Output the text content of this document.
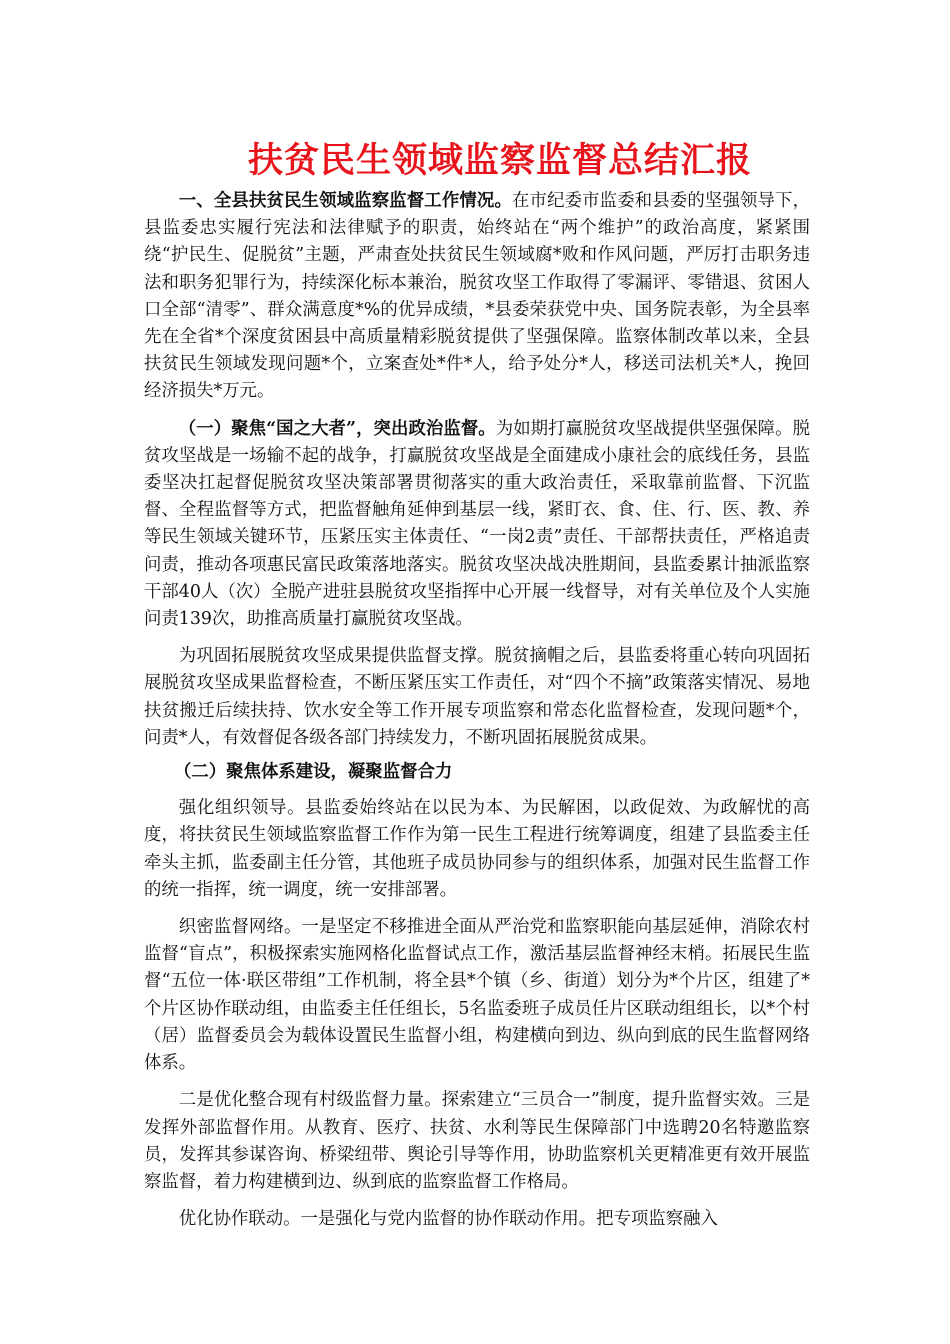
扶贫民生领域监察监督总结汇报

一、全县扶贫民生领域监察监督工作情况。在市纪委市监委和县委的坚强领导下，县监委忠实履行宪法和法律赋予的职责，始终站在“两个维护”的政治高度，紧紧围绕“护民生、促脱贫”主题，严肃查处扶贫民生领域腐*败和作风问题，严厉打击职务违法和职务犯罪行为，持续深化标本兼治，脱贫攻坚工作取得了零漏评、零错退、贫困人口全部“清零”、群众满意度*%的优异成绩，*县委荣获党中央、国务院表彰，为全县率先在全省*个深度贫困县中高质量精彩脱贫提供了坚强保障。监察体制改革以来，全县扶贫民生领域发现问题*个，立案查处*件*人，给予处分*人，移送司法机关*人，挽回经济损失*万元。

（一）聚焦“国之大者”，突出政治监督。为如期打赢脱贫攻坚战提供坚强保障。脱贫攻坚战是一场输不起的战争，打赢脱贫攻坚战是全面建成小康社会的底线任务，县监委坚决扛起督促脱贫攻坚决策部署贯彻落实的重大政治责任，采取靠前监督、下沉监督、全程监督等方式，把监督触角延伸到基层一线，紧盯衣、食、住、行、医、教、养等民生领域关键环节，压紧压实主体责任、“一岗2责”责任、干部帮扶责任，严格追责问责，推动各项惠民富民政策落地落实。脱贫攻坚决战决胜期间，县监委累计抽派监察干部40人（次）全脱产进驻县脱贫攻坚指挥中心开展一线督导，对有关单位及个人实施问责139次，助推高质量打赢脱贫攻坚战。

为巩固拓展脱贫攻坚成果提供监督支撑。脱贫摘帽之后，县监委将重心转向巩固拓展脱贫攻坚成果监督检查，不断压紧压实工作责任，对“四个不摘”政策落实情况、易地扶贫搬迁后续扶持、饮水安全等工作开展专项监察和常态化监督检查，发现问题*个，问责*人，有效督促各级各部门持续发力，不断巩固拓展脱贫成果。

（二）聚焦体系建设，凝聚监督合力

强化组织领导。县监委始终站在以民为本、为民解困，以政促效、为政解忧的高度，将扶贫民生领域监察监督工作作为第一民生工程进行统筹调度，组建了县监委主任牵头主抓，监委副主任分管，其他班子成员协同参与的组织体系，加强对民生监督工作的统一指挥，统一调度，统一安排部署。

织密监督网络。一是坚定不移推进全面从严治党和监察职能向基层延伸，消除农村监督“盲点”，积极探索实施网格化监督试点工作，激活基层监督神经末梢。拓展民生监督“五位一体·联区带组”工作机制，将全县*个镇（乡、街道）划分为*个片区，组建了*个片区协作联动组，由监委主任任组长，5名监委班子成员任片区联动组组长，以*个村（居）监督委员会为载体设置民生监督小组，构建横向到边、纵向到底的民生监督网络体系。

二是优化整合现有村级监督力量。探索建立“三员合一”制度，提升监督实效。三是发挥外部监督作用。从教育、医疗、扶贫、水利等民生保障部门中选聘20名特邀监察员，发挥其参谋咨询、桥梁纽带、舆论引导等作用，协助监察机关更精准更有效开展监察监督，着力构建横到边、纵到底的监察监督工作格局。

优化协作联动。一是强化与党内监督的协作联动作用。把专项监察融入
